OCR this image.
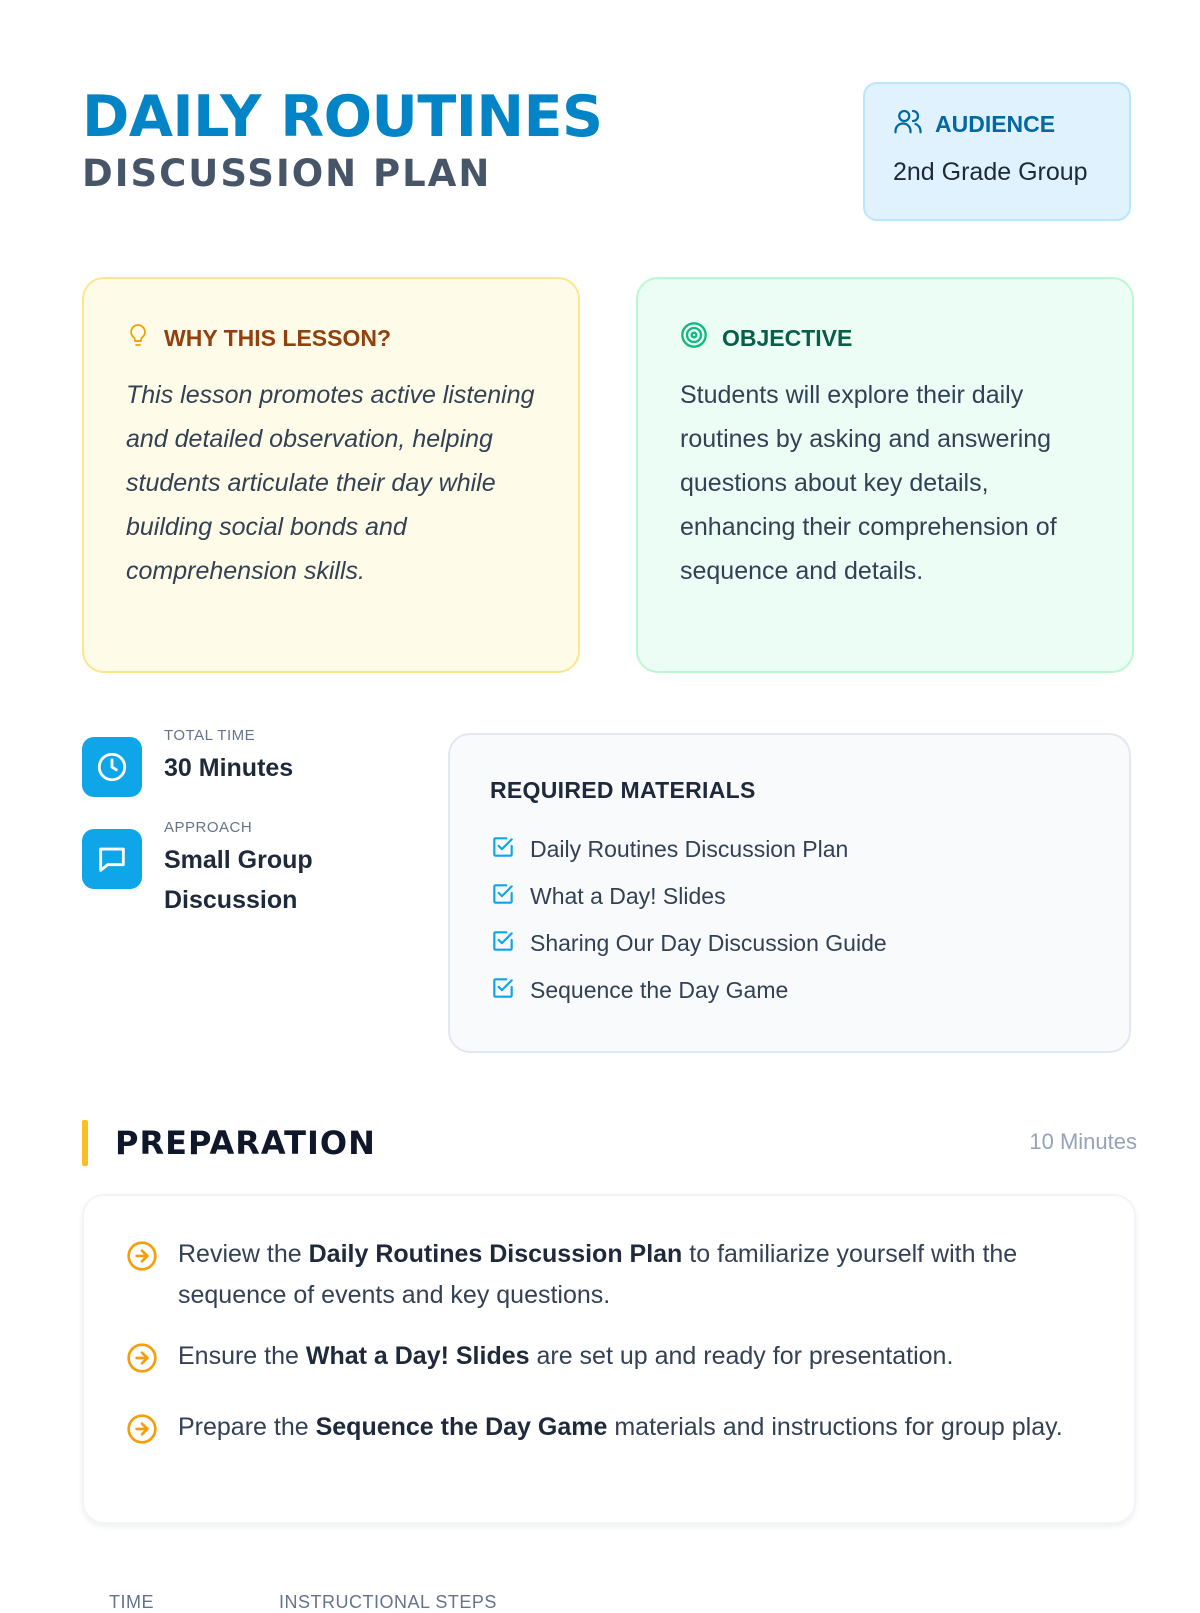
DAILY ROUTINES
DISCUSSION PLAN
AUDIENCE
2nd Grade Group
WHY THIS LESSON?

This lesson promotes active listening and detailed observation, helping students articulate their day while building social bonds and comprehension skills.

OBJECTIVE

Students will explore their daily routines by asking and answering questions about key details, enhancing their comprehension of sequence and details.

TOTAL TIME
30 Minutes
APPROACH
Small Group Discussion
REQUIRED MATERIALS
Daily Routines Discussion Plan
What a Day! Slides
Sharing Our Day Discussion Guide
Sequence the Day Game
PREPARATION	10 Minutes
Review the Daily Routines Discussion Plan to familiarize yourself with the sequence of events and key questions.
Ensure the What a Day! Slides are set up and ready for presentation.
Prepare the Sequence the Day Game materials and instructions for group play.
TIME	INSTRUCTIONAL STEPS
